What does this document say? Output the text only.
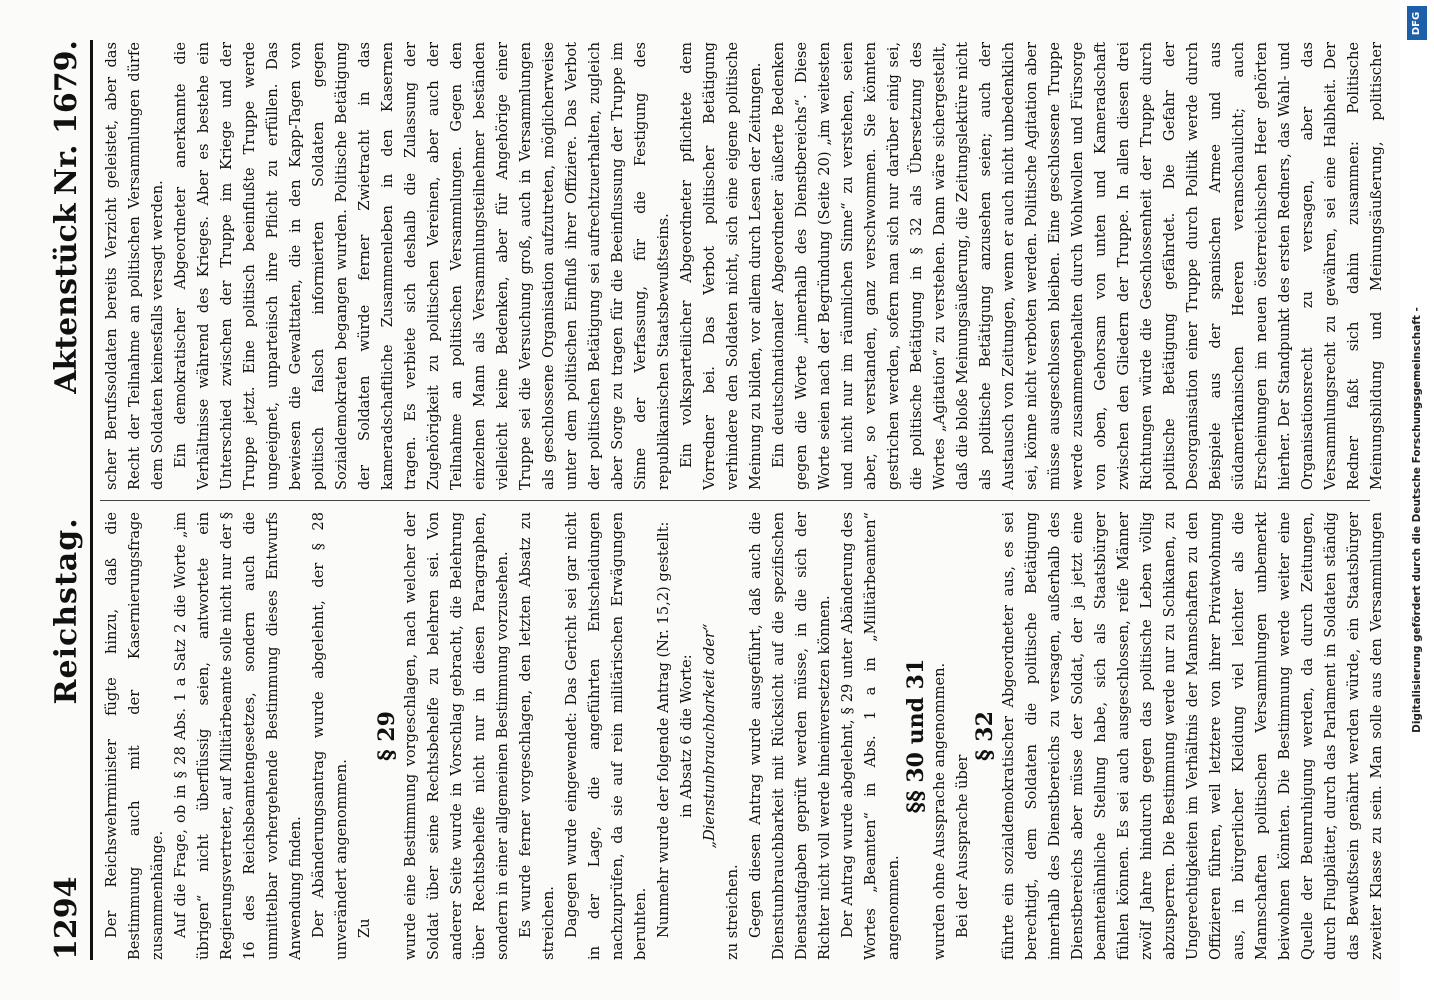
1294
Reichstag.
AktenstückNr. 1679.

Der Reichswehrminister fügte hinzu, daß die Bestimmung auch mit der Kasernierungsfrage zusammenhänge. Auf die Frage, ob in § 28 Abs. 1 a Satz 2 die Worte „im übrigen“ nicht überflüssig seien, antwortete ein Regierungsvertreter, auf Militärbeamte solle nicht nur der § 16 des Reichsbeamtengesetzes, sondern auch die unmittelbar vorhergehende Bestimmung dieses Entwurfs Anwendung finden. Der Abänderungsantrag wurde abgelehnt, der § 28 unverändert angenommen. Zu

§ 29 wurde eine Bestimmung vorgeschlagen, nach welcher der Soldat über seine Rechtsbehelfe zu belehren sei. Von anderer Seite wurde in Vorschlag gebracht, die Belehrung über Rechtsbehelfe nicht nur in diesen Paragraphen, sondern in einer allgemeinen Bestimmung vorzusehen. Es wurde ferner vorgeschlagen, den letzten Absatz zu streichen. Dagegen wurde eingewendet: Das Gericht sei gar nicht in der Lage, die angeführten Entscheidungen nachzuprüfen, da sie auf rein militärischen Erwägungen beruhten. Nunmehr wurde der folgende Antrag (Nr. 15,2) gestellt: in Absatz 6 die Worte: „Dienstunbrauchbarkeit oder“

zu streichen. Gegen diesen Antrag wurde ausgeführt, daß auch die Dienstunbrauchbarkeit mit Rücksicht auf die spezifischen Dienstaufgaben geprüft werden müsse, in die sich der Richter nicht voll werde hineinversetzen können. Der Antrag wurde abgelehnt, § 29 unter Abänderung des Wortes „Beamten“ in Abs. 1 a in „Militärbeamten“ angenommen.

§§ 30 und 31 wurden ohne Aussprache angenommen. Bei der Aussprache über

§ 32

führte ein sozialdemokratischer Abgeordneter aus, es sei berechtigt, dem Soldaten die politische Betätigung innerhalb des Dienstbereichs zu versagen, außerhalb des Dienstbereichs aber müsse der Soldat, der ja jetzt eine beamtenähnliche Stellung habe, sich als Staatsbürger fühlen können. Es sei auch ausgeschlossen, reife Männer zwölf Jahre hindurch gegen das politische Leben völlig abzusperren. Die Bestimmung werde nur zu Schikanen, zu Ungerechtigkeiten im Verhältnis der Mannschaften zu den Offizieren führen, weil letztere von ihrer Privatwohnung aus, in bürgerlicher Kleidung viel leichter als die Mannschaften politischen Versammlungen unbemerkt beiwohnen könnten. Die Bestimmung werde weiter eine Quelle der Beunruhigung werden, da durch Zeitungen, durch Flugblätter, durch das Parlament in Soldaten ständig das Bewußtsein genährt werden würde, ein Staatsbürger zweiter Klasse zu sein. Man solle aus den Versammlungen

scher Berufssoldaten bereits Verzicht geleistet, aber das Recht der Teilnahme an politischen Versammlungen dürfe dem Soldaten keinesfalls versagt werden. Ein demokratischer Abgeordneter anerkannte die Verhältnisse während des Krieges. Aber es bestehe ein Unterschied zwischen der Truppe im Kriege und der Truppe jetzt. Eine politisch beeinflußte Truppe werde ungeeignet, unparteiisch ihre Pflicht zu erfüllen. Das bewiesen die Gewalttaten, die in den Kapp-Tagen von politisch falsch informierten Soldaten gegen Sozialdemokraten begangen wurden. Politische Betätigung der Soldaten würde ferner Zwietracht in das kameradschaftliche Zusammenleben in den Kasernen tragen. Es verbiete sich deshalb die Zulassung der Zugehörigkeit zu politischen Vereinen, aber auch der Teilnahme an politischen Versammlungen. Gegen den einzelnen Mann als Versammlungsteilnehmer beständen vielleicht keine Bedenken, aber für Angehörige einer Truppe sei die Versuchung groß, auch in Versammlungen als geschlossene Organisation aufzutreten, möglicherweise unter dem politischen Einfluß ihrer Offiziere. Das Verbot der politischen Betätigung sei aufrechtzuerhalten, zugleich aber Sorge zu tragen für die Beeinflussung der Truppe im Sinne der Verfassung, für die Festigung des republikanischen Staatsbewußtseins. Ein volksparteilicher Abgeordneter pflichtete dem Vorredner bei. Das Verbot politischer Betätigung verhindere den Soldaten nicht, sich eine eigene politische Meinung zu bilden, vor allem durch Lesen der Zeitungen. Ein deutschnationaler Abgeordneter äußerte Bedenken gegen die Worte „innerhalb des Dienstbereichs“. Diese Worte seien nach der Begründung (Seite 20) „im weitesten und nicht nur im räumlichen Sinne“ zu verstehen, seien aber, so verstanden, ganz verschwommen. Sie könnten gestrichen werden, sofern man sich nur darüber einig sei, die politische Betätigung in § 32 als Übersetzung des Wortes „Agitation“ zu verstehen. Dann wäre sichergestellt, daß die bloße Meinungsäußerung, die Zeitungslektüre nicht als politische Betätigung anzusehen seien; auch der Austausch von Zeitungen, wenn er auch nicht unbedenklich sei, könne nicht verboten werden. Politische Agitation aber müsse ausgeschlossen bleiben. Eine geschlossene Truppe werde zusammengehalten durch Wohlwollen und Fürsorge von oben, Gehorsam von unten und Kameradschaft zwischen den Gliedern der Truppe. In allen diesen drei Richtungen würde die Geschlossenheit der Truppe durch politische Betätigung gefährdet. Die Gefahr der Desorganisation einer Truppe durch Politik werde durch Beispiele aus der spanischen Armee und aus südamerikanischen Heeren veranschaulicht; auch Erscheinungen im neuen österreichischen Heer gehörten hierher. Der Standpunkt des ersten Redners, das Wahl- und Organisationsrecht zu versagen, aber das Versammlungsrecht zu gewähren, sei eine Halbheit. Der Redner faßt sich dahin zusammen: Politische Meinungsbildung und Meinungsäußerung, politischer

DFG
Digitalisierung gefördert durch die Deutsche Forschungsgemeinschaft -
